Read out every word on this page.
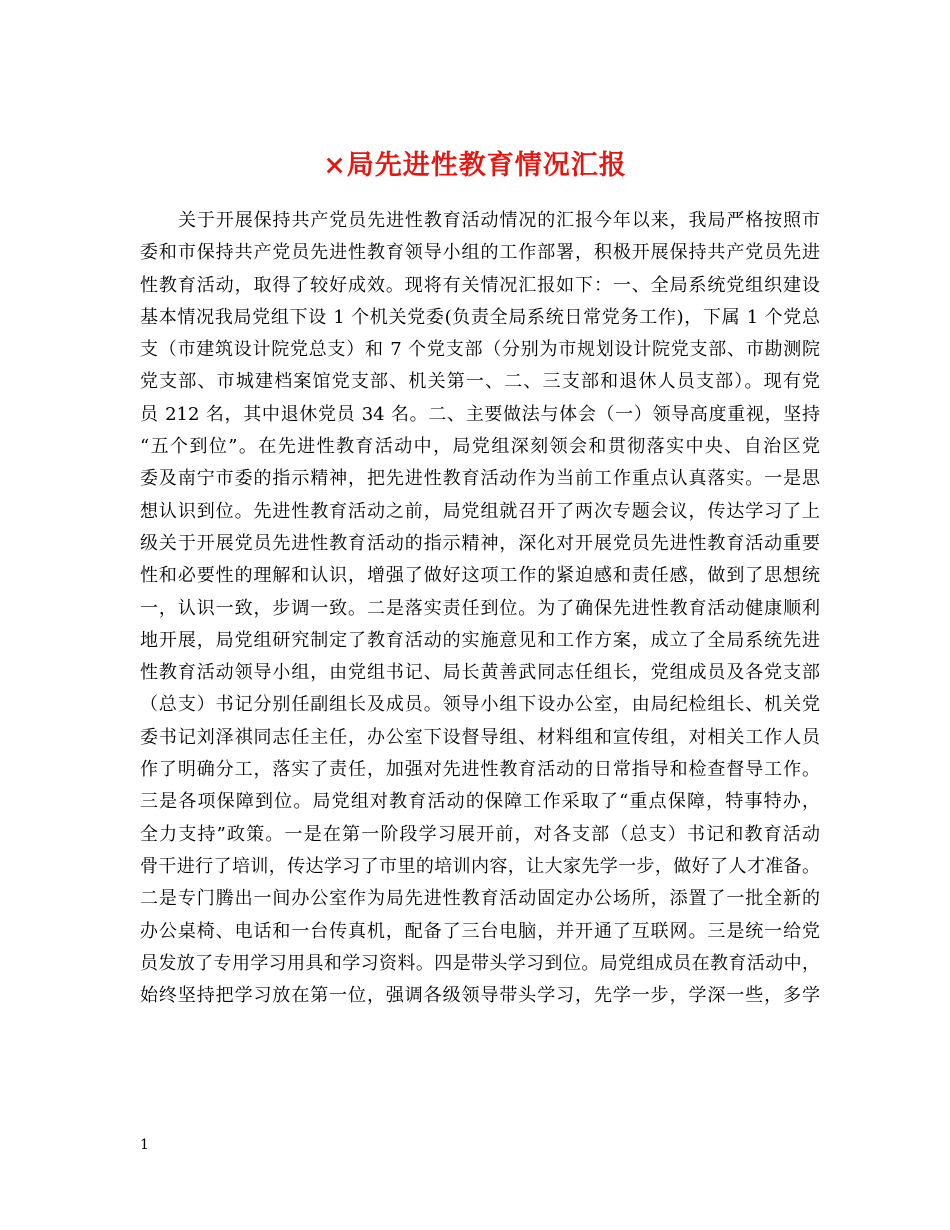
×局先进性教育情况汇报
关于开展保持共产党员先进性教育活动情况的汇报今年以来，我局严格按照市
委和市保持共产党员先进性教育领导小组的工作部署，积极开展保持共产党员先进
性教育活动，取得了较好成效。现将有关情况汇报如下：一、全局系统党组织建设
基本情况我局党组下设 1 个机关党委(负责全局系统日常党务工作)，下属 1 个党总
支（市建筑设计院党总支）和 7 个党支部（分别为市规划设计院党支部、市勘测院
党支部、市城建档案馆党支部、机关第一、二、三支部和退休人员支部）。现有党
员 212 名，其中退休党员 34 名。二、主要做法与体会（一）领导高度重视，坚持
“五个到位”。在先进性教育活动中，局党组深刻领会和贯彻落实中央、自治区党
委及南宁市委的指示精神，把先进性教育活动作为当前工作重点认真落实。一是思
想认识到位。先进性教育活动之前，局党组就召开了两次专题会议，传达学习了上
级关于开展党员先进性教育活动的指示精神，深化对开展党员先进性教育活动重要
性和必要性的理解和认识，增强了做好这项工作的紧迫感和责任感，做到了思想统
一，认识一致，步调一致。二是落实责任到位。为了确保先进性教育活动健康顺利
地开展，局党组研究制定了教育活动的实施意见和工作方案，成立了全局系统先进
性教育活动领导小组，由党组书记、局长黄善武同志任组长，党组成员及各党支部
（总支）书记分别任副组长及成员。领导小组下设办公室，由局纪检组长、机关党
委书记刘泽祺同志任主任，办公室下设督导组、材料组和宣传组，对相关工作人员
作了明确分工，落实了责任，加强对先进性教育活动的日常指导和检查督导工作。
三是各项保障到位。局党组对教育活动的保障工作采取了“重点保障，特事特办，
全力支持”政策。一是在第一阶段学习展开前，对各支部（总支）书记和教育活动
骨干进行了培训，传达学习了市里的培训内容，让大家先学一步，做好了人才准备。
二是专门腾出一间办公室作为局先进性教育活动固定办公场所，添置了一批全新的
办公桌椅、电话和一台传真机，配备了三台电脑，并开通了互联网。三是统一给党
员发放了专用学习用具和学习资料。四是带头学习到位。局党组成员在教育活动中，
始终坚持把学习放在第一位，强调各级领导带头学习，先学一步，学深一些，多学
1
